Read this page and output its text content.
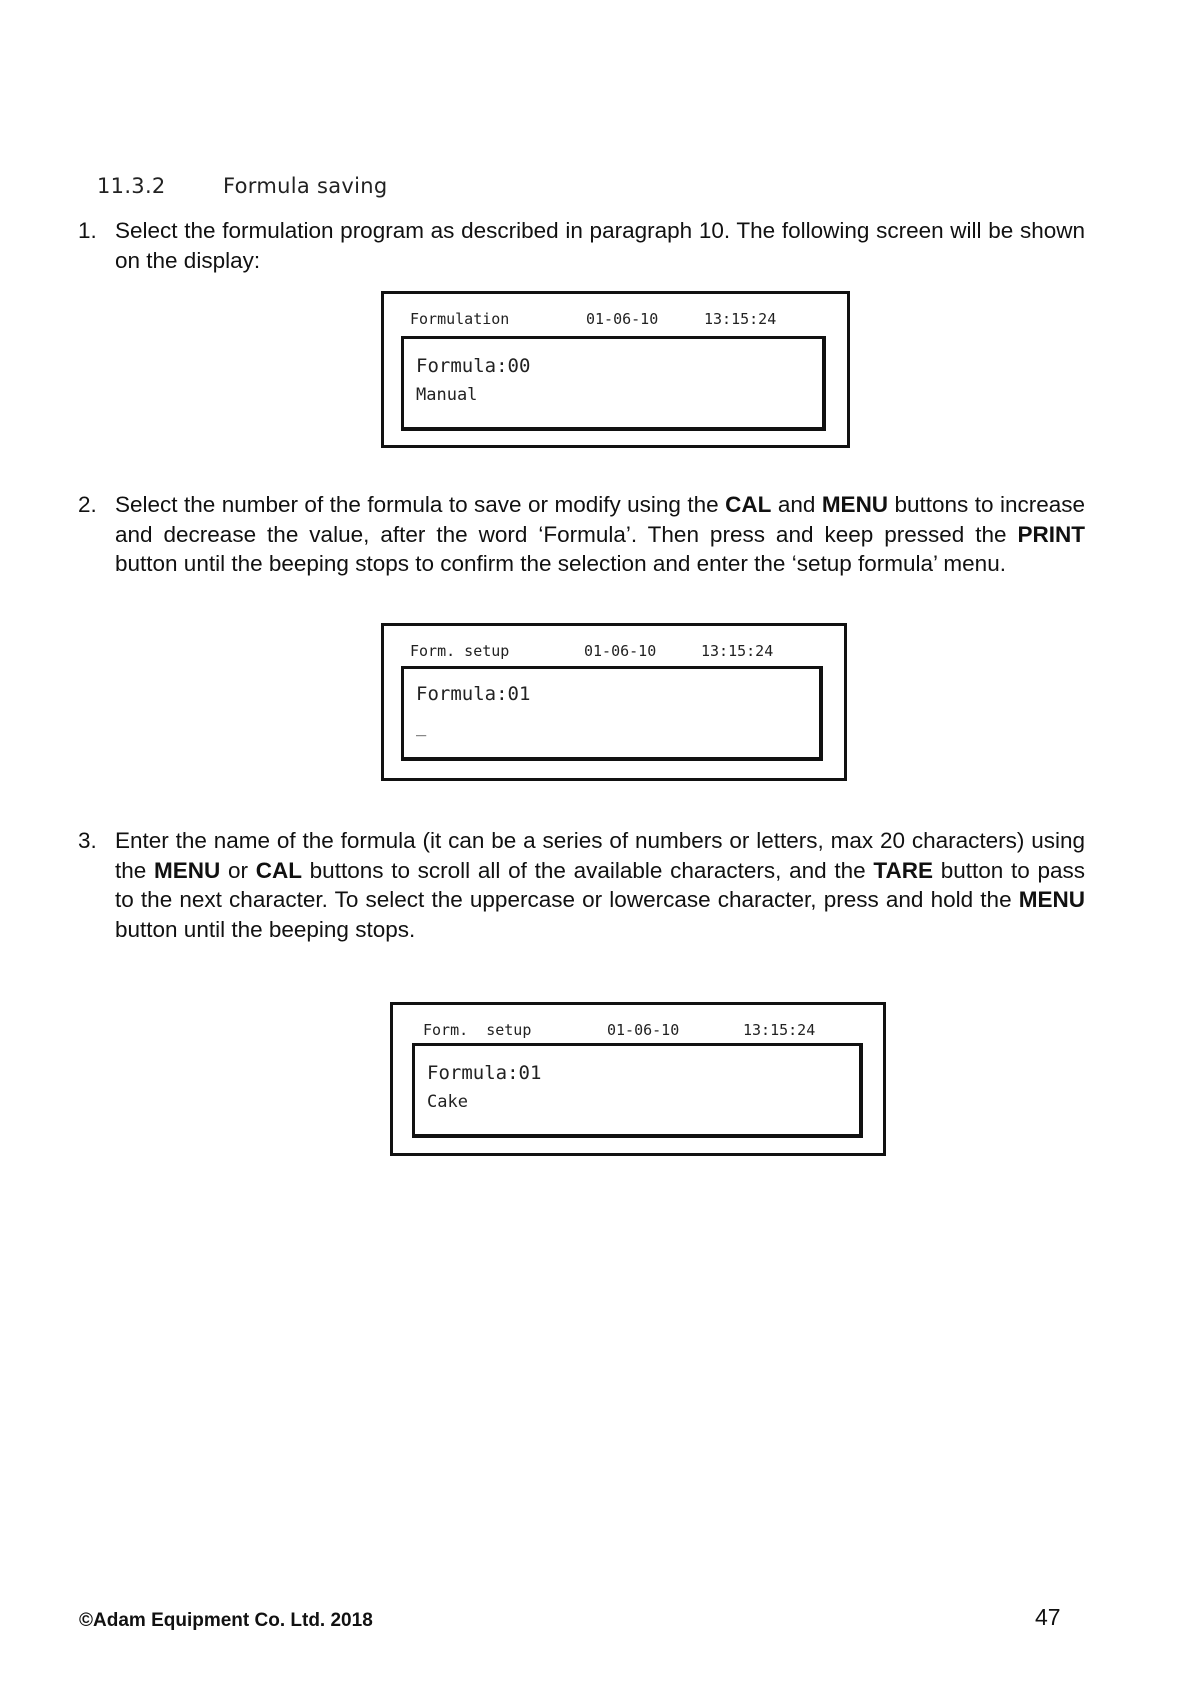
11.3.2	Formula saving
1. Select the formulation program as described in paragraph 10. The following screen will be shown on the display:
Formulation	01-06-10	13:15:24
Formula:00
Manual
2. Select the number of the formula to save or modify using the CAL and MENU buttons to increase and decrease the value, after the word ‘Formula’. Then press and keep pressed the PRINT button until the beeping stops to confirm the selection and enter the ‘setup formula’ menu.
Form. setup	01-06-10	13:15:24
Formula:01
_
3. Enter the name of the formula (it can be a series of numbers or letters, max 20 characters) using the MENU or CAL buttons to scroll all of the available characters, and the TARE button to pass to the next character. To select the uppercase or lowercase character, press and hold the MENU button until the beeping stops.
Form.  setup	01-06-10	13:15:24
Formula:01
Cake
©Adam Equipment Co. Ltd. 2018	47
